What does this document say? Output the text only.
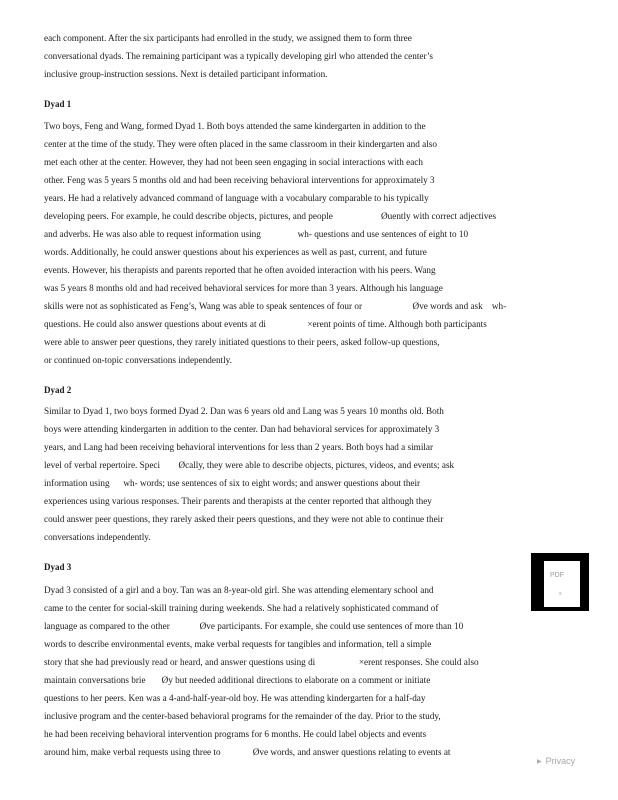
each component. After the six participants had enrolled in the study, we assigned them to form three

conversational dyads. The remaining participant was a typically developing girl who attended the center’s

inclusive group-instruction sessions. Next is detailed participant information.

Dyad 1

Two boys, Feng and Wang, formed Dyad 1. Both boys attended the same kindergarten in addition to the

center at the time of the study. They were often placed in the same classroom in their kindergarten and also

met each other at the center. However, they had not been seen engaging in social interactions with each

other. Feng was 5 years 5 months old and had been receiving behavioral interventions for approximately 3

years. He had a relatively advanced command of language with a vocabulary comparable to his typically

developing peers. For example, he could describe objects, pictures, and people                     Øuently with correct adjectives

and adverbs. He was also able to request information using                wh- questions and use sentences of eight to 10

words. Additionally, he could answer questions about his experiences as well as past, current, and future

events. However, his therapists and parents reported that he often avoided interaction with his peers. Wang

was 5 years 8 months old and had received behavioral services for more than 3 years. Although his language

skills were not as sophisticated as Feng’s, Wang was able to speak sentences of four or                      Øve words and ask    wh-

questions. He could also answer questions about events at di                  ×erent points of time. Although both participants

were able to answer peer questions, they rarely initiated questions to their peers, asked follow-up questions,

or continued on-topic conversations independently.

Dyad 2

Similar to Dyad 1, two boys formed Dyad 2. Dan was 6 years old and Lang was 5 years 10 months old. Both

boys were attending kindergarten in addition to the center. Dan had behavioral services for approximately 3

years, and Lang had been receiving behavioral interventions for less than 2 years. Both boys had a similar

level of verbal repertoire. Speci        Øcally, they were able to describe objects, pictures, videos, and events; ask

information using      wh- words; use sentences of six to eight words; and answer questions about their

experiences using various responses. Their parents and therapists at the center reported that although they

could answer peer questions, they rarely asked their peers questions, and they were not able to continue their

conversations independently.

Dyad 3

Dyad 3 consisted of a girl and a boy. Tan was an 8-year-old girl. She was attending elementary school and

came to the center for social-skill training during weekends. She had a relatively sophisticated command of

language as compared to the other             Øve participants. For example, she could use sentences of more than 10

words to describe environmental events, make verbal requests for tangibles and information, tell a simple

story that she had previously read or heard, and answer questions using di                   ×erent responses. She could also

maintain conversations brie       Øy but needed additional directions to elaborate on a comment or initiate

questions to her peers. Ken was a 4-and-half-year-old boy. He was attending kindergarten for a half-day

inclusive program and the center-based behavioral programs for the remainder of the day. Prior to the study,

he had been receiving behavioral intervention programs for 6 months. He could label objects and events

around him, make verbal requests using three to              Øve words, and answer questions relating to events at

PDF
≡
▶ Privacy
